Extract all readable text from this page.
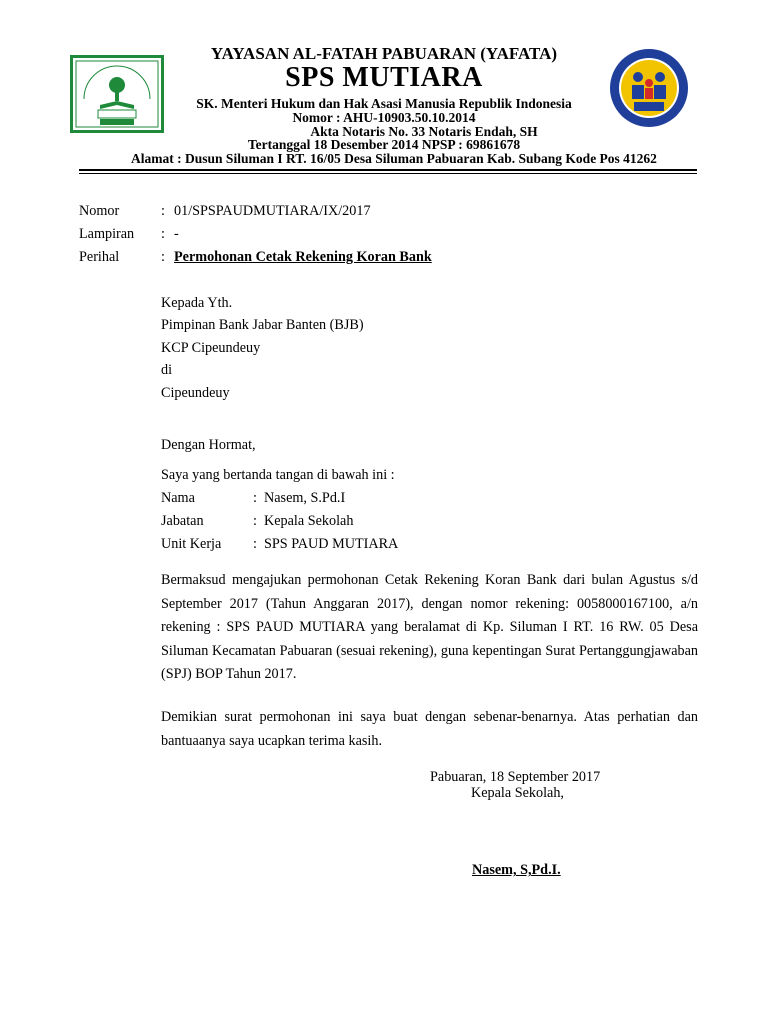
YAYASAN AL-FATAH PABUARAN (YAFATA)
SPS MUTIARA
SK. Menteri Hukum dan Hak Asasi Manusia Republik Indonesia
Nomor : AHU-10903.50.10.2014
Akta Notaris No. 33 Notaris Endah, SH
Tertanggal 18 Desember 2014 NPSP : 69861678
Alamat : Dusun Siluman I RT. 16/05 Desa Siluman Pabuaran Kab. Subang Kode Pos 41262
Nomor	: 01/SPSPAUDMUTIARA/IX/2017
Lampiran : -
Perihal	: Permohonan Cetak Rekening Koran Bank
Kepada Yth.
Pimpinan Bank Jabar Banten (BJB)
KCP Cipeundeuy
di
Cipeundeuy
Dengan Hormat,
Saya yang bertanda tangan di bawah ini :
Nama	: Nasem, S.Pd.I
Jabatan	: Kepala Sekolah
Unit Kerja : SPS PAUD MUTIARA
Bermaksud mengajukan permohonan Cetak Rekening Koran Bank dari bulan Agustus s/d September 2017 (Tahun Anggaran 2017), dengan nomor rekening: 0058000167100, a/n rekening : SPS PAUD MUTIARA yang beralamat di Kp. Siluman I RT. 16 RW. 05 Desa Siluman Kecamatan Pabuaran (sesuai rekening), guna kepentingan Surat Pertanggungjawaban (SPJ) BOP Tahun 2017.
Demikian surat permohonan ini saya buat dengan sebenar-benarnya. Atas perhatian dan bantuaanya saya ucapkan terima kasih.
Pabuaran, 18 September 2017
Kepala Sekolah,
Nasem, S,Pd.I.
